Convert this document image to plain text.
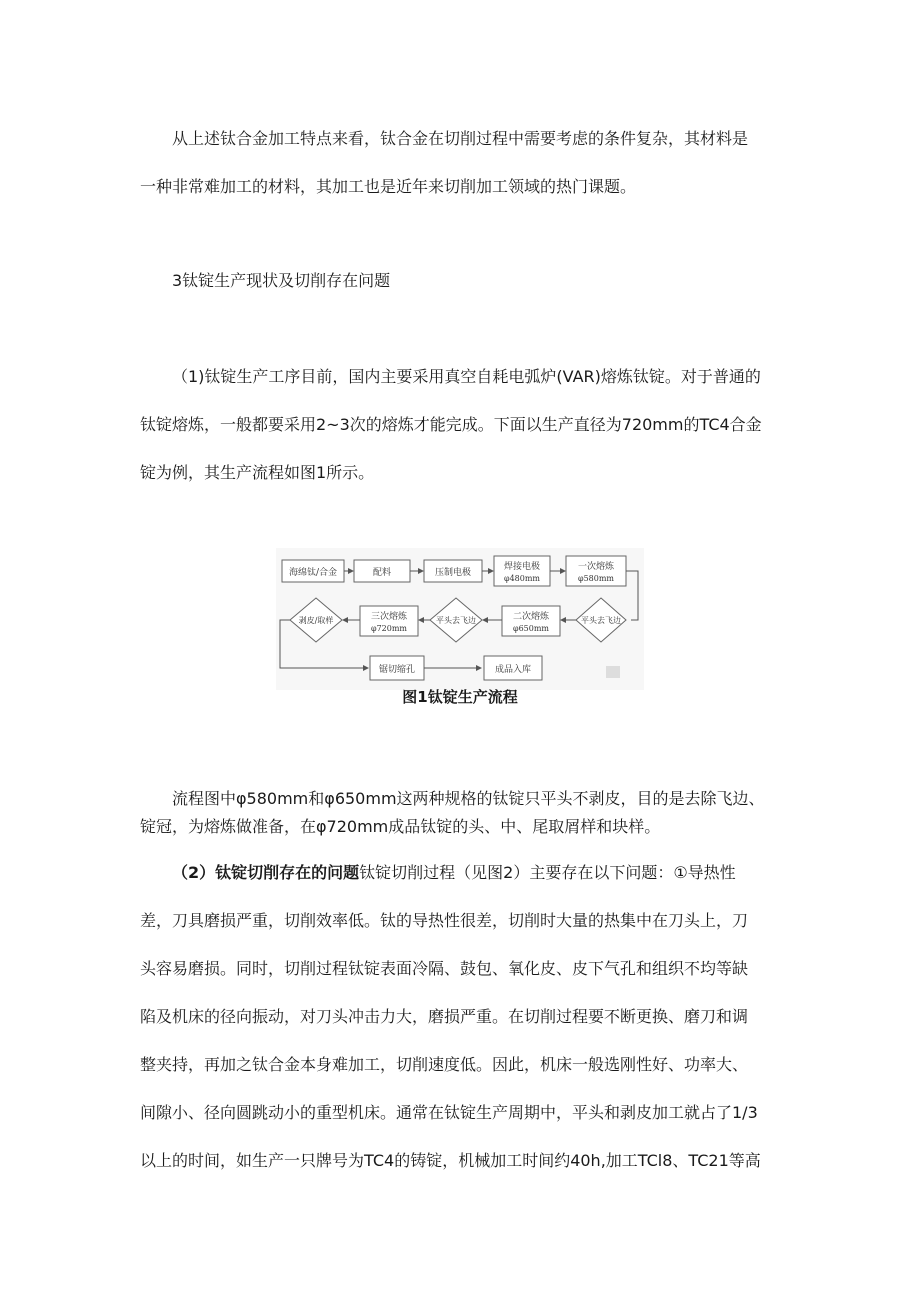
从上述钛合金加工特点来看，钛合金在切削过程中需要考虑的条件复杂，其材料是
一种非常难加工的材料，其加工也是近年来切削加工领域的热门课题。
3钛锭生产现状及切削存在问题
（1)钛锭生产工序目前，国内主要采用真空自耗电弧炉(VAR)熔炼钛锭。对于普通的
钛锭熔炼，一般都要采用2~3次的熔炼才能完成。下面以生产直径为720mm的TC4合金
锭为例，其生产流程如图1所示。
海绵钛/合金	配料	压制电极
焊接电极
φ480mm
一次熔炼
φ580mm
平头去飞边
二次熔炼
φ650mm
平头去飞边
三次熔炼
φ720mm
剥皮/取样
锯切缩孔	成品入库
图1钛锭生产流程
流程图中φ580mm和φ650mm这两种规格的钛锭只平头不剥皮，目的是去除飞边、
锭冠，为熔炼做准备，在φ720mm成品钛锭的头、中、尾取屑样和块样。
（2）钛锭切削存在的问题钛锭切削过程（见图2）主要存在以下问题：①导热性
差，刀具磨损严重，切削效率低。钛的导热性很差，切削时大量的热集中在刀头上，刀
头容易磨损。同时，切削过程钛锭表面冷隔、鼓包、氧化皮、皮下气孔和组织不均等缺
陷及机床的径向振动，对刀头冲击力大，磨损严重。在切削过程要不断更换、磨刀和调
整夹持，再加之钛合金本身难加工，切削速度低。因此，机床一般选刚性好、功率大、
间隙小、径向圆跳动小的重型机床。通常在钛锭生产周期中，平头和剥皮加工就占了1/3
以上的时间，如生产一只牌号为TC4的铸锭，机械加工时间约40h,加工TCl8、TC21等高
